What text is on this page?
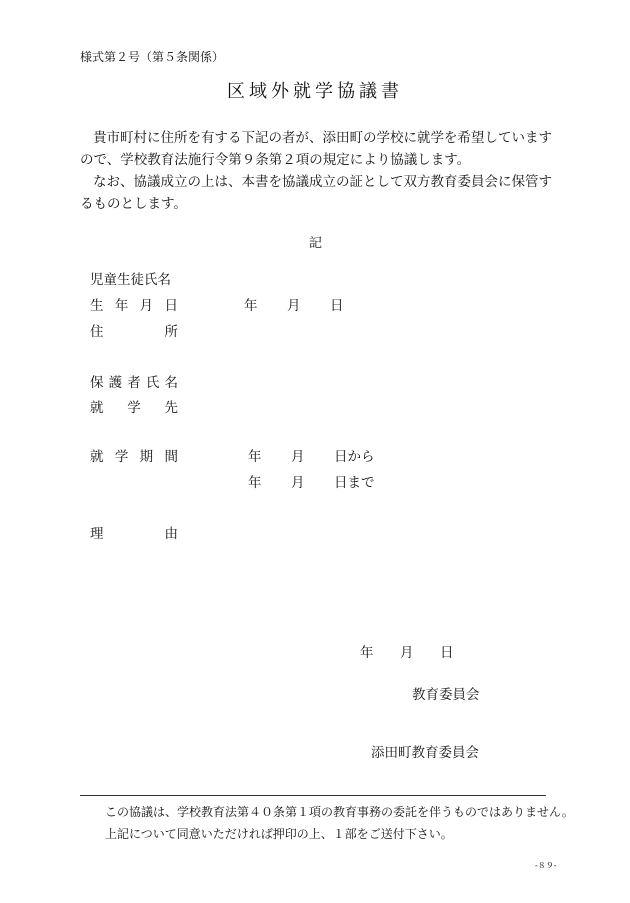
様式第２号（第５条関係）
区域外就学協議書
貴市町村に住所を有する下記の者が、添田町の学校に就学を希望していますので、学校教育法施行令第９条第２項の規定により協議します。
なお、協議成立の上は、本書を協議成立の証として双方教育委員会に保管するものとします。
記
児童生徒氏名
生年月日	年 月 日
住所
保護者氏名
就学先
就学期間	年 月 日から
年 月 日まで
理由
年 月 日
教育委員会
添田町教育委員会
この協議は、学校教育法第４０条第１項の教育事務の委託を伴うものではありません。
上記について同意いただければ押印の上、１部をご送付下さい。
-８９-
